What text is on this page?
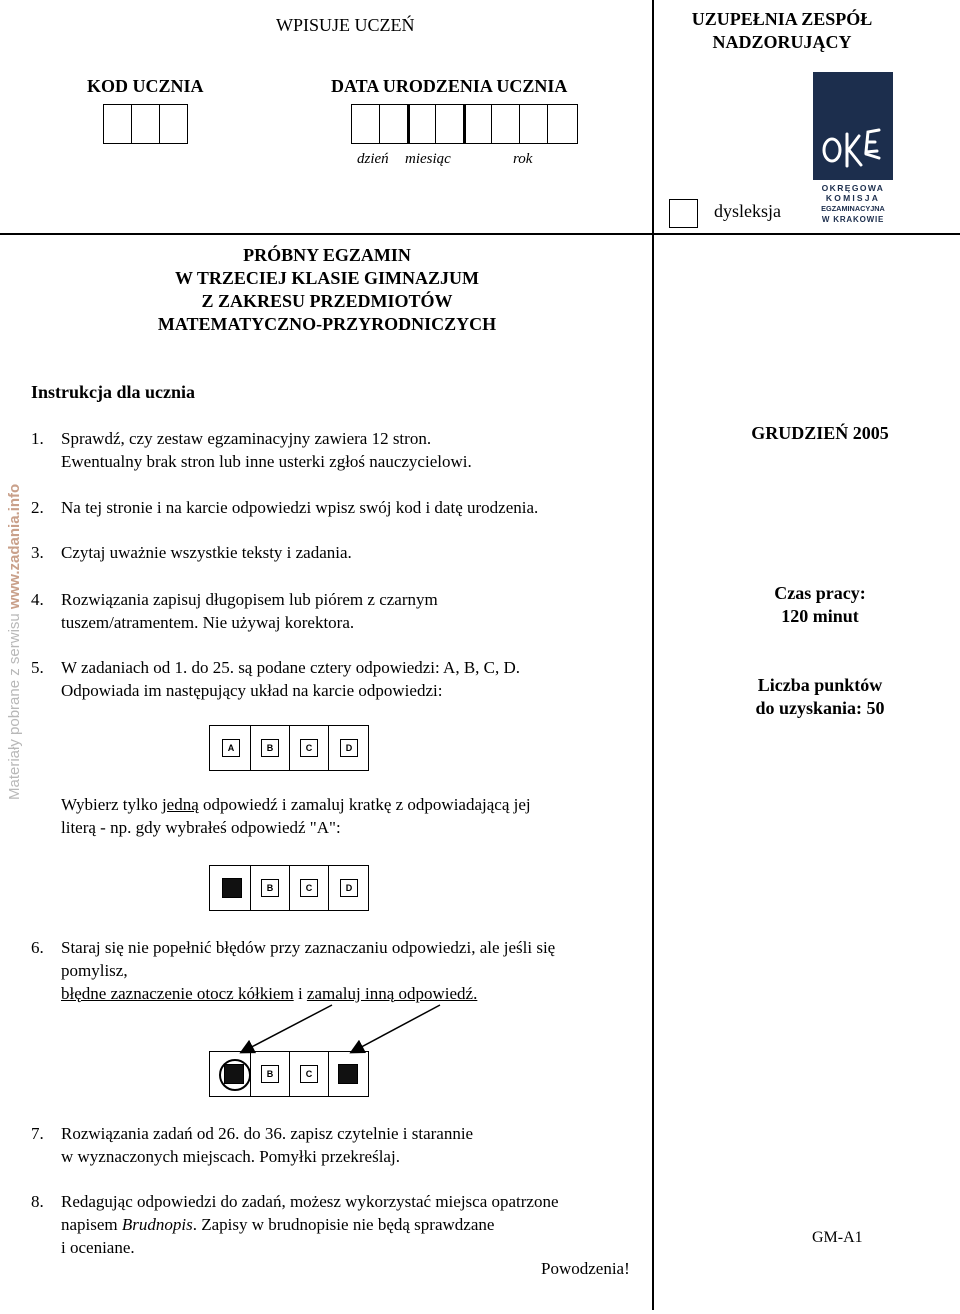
WPISUJE UCZEŃ
KOD UCZNIA	DATA URODZENIA UCZNIA
dzień miesiąc	rok
UZUPEŁNIA ZESPÓŁ
NADZORUJĄCY
OKRĘGOWA
KOMISJA
EGZAMINACYJNA
W KRAKOWIE
dysleksja
PRÓBNY EGZAMIN
W TRZECIEJ KLASIE GIMNAZJUM
Z ZAKRESU PRZEDMIOTÓW
MATEMATYCZNO-PRZYRODNICZYCH
Instrukcja dla ucznia
1. Sprawdź, czy zestaw egzaminacyjny zawiera 12 stron.
Ewentualny brak stron lub inne usterki zgłoś nauczycielowi.
2. Na tej stronie i na karcie odpowiedzi wpisz swój kod i datę urodzenia.
3. Czytaj uważnie wszystkie teksty i zadania.
4. Rozwiązania zapisuj długopisem lub piórem z czarnym
tuszem/atramentem. Nie używaj korektora.
5. W zadaniach od 1. do 25. są podane cztery odpowiedzi: A, B, C, D.
Odpowiada im następujący układ na karcie odpowiedzi:
A	B	C	D
Wybierz tylko jedną odpowiedź i zamaluj kratkę z odpowiadającą jej
literą - np. gdy wybrałeś odpowiedź "A":
B	C	D
6. Staraj się nie popełnić błędów przy zaznaczaniu odpowiedzi, ale jeśli się
pomylisz,
błędne zaznaczenie otocz kółkiem i zamaluj inną odpowiedź.
B	C
7. Rozwiązania zadań od 26. do 36. zapisz czytelnie i starannie
w wyznaczonych miejscach. Pomyłki przekreślaj.
8. Redagując odpowiedzi do zadań, możesz wykorzystać miejsca opatrzone
napisem Brudnopis. Zapisy w brudnopisie nie będą sprawdzane
i oceniane.
Powodzenia!
GRUDZIEŃ 2005
Czas pracy:
120 minut
Liczba punktów
do uzyskania: 50
GM-A1
Materiały pobrane z serwisu www.zadania.info
